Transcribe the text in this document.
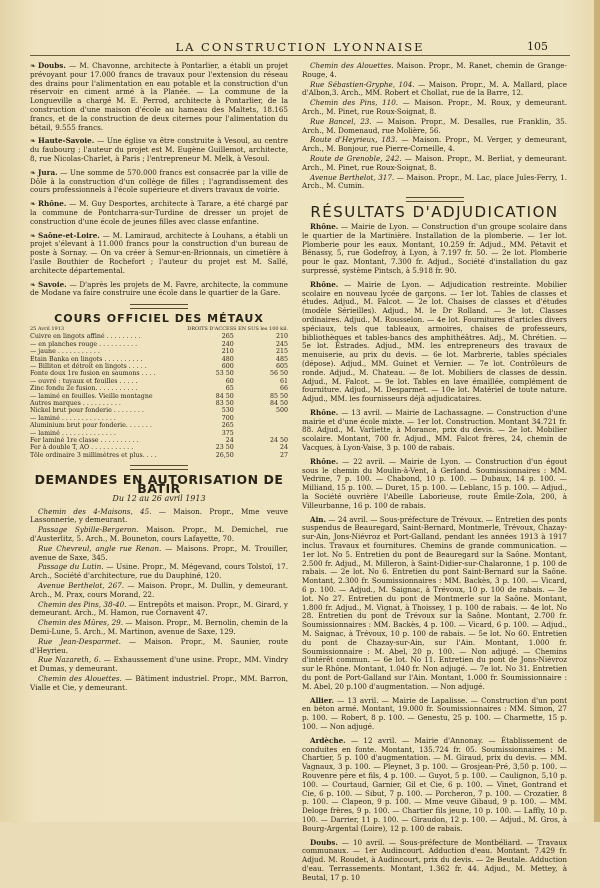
LA CONSTRUCTION LYONNAISE	105

❧ Doubs. — M. Chavonne, architecte à Pontarlier, a établi un projet prévoyant pour 17.000 francs de travaux pour l'extension du réseau des drains pour l'alimentation en eau potable et la construction d'un réservoir en ciment armé à la Planée. — La commune de la Longueville a chargé M. E. Perrod, architecte à Pontarlier, de la construction d'une maison d'école au hameau des Maltets, 18.165 francs, et de la construction de deux citernes pour l'alimentation du bétail, 9.555 francs.

❧ Haute-Savoie. — Une église va être construite à Vesoul, au centre du faubourg ; l'auteur du projet est M. Eugène Guillemot, architecte, 8, rue Nicolas-Charlet, à Paris ; l'entrepreneur M. Melk, à Vesoul.

❧ Jura. — Une somme de 570.000 francs est consacrée par la ville de Dôle à la construction d'un collège de filles ; l'agrandissement des cours professionnels à l'école supérieure et divers travaux de voirie.

❧ Rhône. — M. Guy Desportes, architecte à Tarare, a été chargé par la commune de Pontcharra-sur-Turdine de dresser un projet de construction d'une école de jeunes filles avec classe enfantine.

❧ Saône-et-Loire. — M. Lamiraud, architecte à Louhans, a établi un projet s'élevant à 11.000 francs pour la construction d'un bureau de poste à Sornay. — On va créer à Semur-en-Brionnais, un cimetière à l'asile Bouthier de Rochefort ; l'auteur du projet est M. Sallé, architecte départemental.

❧ Savoie. — D'après les projets de M. Favre, architecte, la commune de Modane va faire construire une école dans le quartier de la Gare.

COURS OFFICIEL DES MÉTAUX
25 Avril 1913	DROITS D'ACCESS EN SUS les 100 kil.		
Cuivre en lingots affiné . . . . . . . . .	265		210
— en planches rouge . . . . . . . . . .	240		245
— jaune . . . . . . . . . . .	210		215
Etain Banka en lingots . . . . . . . . . .	480		485
— Billiton et détroit en lingots . . . . .	600		605
Fonte doux 1re fusion en saumons . . . .	53 50		56 50
— ouvré : tuyaux et feuilles . . . . .	60		61
Zinc fondu 2e fusion. . . . . . . . . . .	65		66
— laminé en feuilles. Vieille montagne	84 50		85 50
Autres marques . . . . . . . . . .	83 50		84 50
Nickel brut pour fonderie . . . . . . . .	530		500
— laminé . . . . . . . . . . . . . .	700		
Aluminium brut pour fonderie. . . . . . .	265		
— laminé . . . . . . . . . . . . . .	375		
Fer laminé 1re classe . . . . . . . . . .	24		24 50
Fer à double T, AO . . . . . . . . . . .	23 50		24
Tôle ordinaire 3 millimètres et plus. . . .	26,50		27
DEMANDES EN AUTORISATION DE BATIR
Du 12 au 26 avril 1913

Chemin des 4-Maisons, 45. — Maison. Propr., Mme veuve Lassonnerie, y demeurant.

Passage Sybille-Bergeron. Maison. Propr., M. Demichel, rue d'Austerlitz, 5. Arch., M. Bouneton, cours Lafayette, 70.

Rue Chevreul, angle rue Renan. — Maisons. Propr., M. Trouiller, avenue de Saxe, 345.

Passage du Lutin. — Usine. Propr., M. Mégevand, cours Tolstoï, 17. Arch., Société d'architecture, rue du Dauphiné, 120.

Avenue Berthelot, 267. — Maison. Propr., M. Dullin, y demeurant. Arch., M. Prax, cours Morand, 22.

Chemin des Pins, 38-40. — Entrepôts et maison. Propr., M. Girard, y demeurant. Arch., M. Hamon, rue Cornavent 47.

Chemin des Mûres, 29. — Maison. Propr., M. Bernolin, chemin de la Demi-Lune, 5. Arch., M. Martinon, avenue de Saxe, 129.

Rue Jean-Desparmet. — Maison. Propr., M. Saunier, route d'Heyrieu.

Rue Nazareth, 6. — Exhaussement d'une usine. Propr., MM. Vindry et Dumas, y demeurant.

Chemin des Alouettes. — Bâtiment industriel. Propr., MM. Barron, Vialle et Cie, y demeurant.

Chemin des Alouettes. Maison. Propr., M. Ranet, chemin de Grange-Rouge, 4.

Rue Sébastien-Gryphe, 104. — Maison. Propr., M. A. Mallard, place d'Albon,3. Arch., MM. Robert et Chollat, rue de la Barre, 12.

Chemin des Pins, 110. — Maison. Propr., M. Roux, y demeurant. Arch., M. Pinet, rue Roux-Soignat, 8.

Rue Bancel, 23. — Maison. Propr., M. Desalles, rue Franklin, 35. Arch., M. Domenaud, rue Molière, 56.

Route d'Heyrieux, 183. — Maison. Propr., M. Verger, y demeurant, Arch., M. Bonjour, rue Pierre-Corneille, 4.

Route de Grenoble, 242. — Maison. Propr., M. Berliat, y demeurant. Arch., M. Pinet, rue Roux-Soignat, 8.

Avenue Berthelot, 317. — Maison. Propr., M. Lac, place Jules-Ferry, 1. Arch., M. Cumin.

RÉSULTATS D'ADJUDICATION

Rhône. — Mairie de Lyon. — Construction d'un groupe scolaire dans le quartier de la Martinière. Installation de la plomberie. — 1er lot. Plomberie pour les eaux. Montant, 10.259 fr. Adjud., MM. Pétavit et Bénassy, 5, rue Godefroy, à Lyon, à 7.197 fr. 50. — 2e lot. Plomberie pour le gaz. Montant, 7.300 fr. Adjud., Société d'installation du gaz surpressé, système Pintsch, à 5.918 fr. 90.

Rhône. — Mairie de Lyon. — Adjudication restreinte. Mobilier scolaire en nouveau lycée de garçons. — 1er lot. Tables de classes et études. Adjud., M. Falcot. — 2e lot. Chaises de classes et d'études (modèle Sérieilles). Adjud., M. le Dr Rolland. — 3e lot. Classes ordinaires. Adjud., M. Rousselon. — 4e lot. Fournitures d'articles divers spéciaux, tels que tableaux, armoires, chaises de professeurs, bibliothèques et tables-bancs des amphithéâtres. Adj., M. Chrétien. — 5e lot. Estrades. Adjud., MM. les entrepreneurs des travaux de menuiserie, au prix du devis. — 6e lot. Marbrerie, tables spéciales (dépose). Adjud., MM. Guinet et Vernier. — 7e lot. Contrôleurs de ronde. Adjud., M. Chateau. — 8e lot. Mobiliers de classes de dessin. Adjud., M. Falcot. — 9e lot. Tables en lave émaillée, complément de fourniture. Adjud., M. Desparmet. — 10e lot. Matériel de toute nature. Adjud., MM. les fournisseurs déjà adjudicataires.

Rhône. — 13 avril. — Mairie de Lachassagne. — Construction d'une mairie et d'une école mixte. — 1er lot. Construction. Montant 34.721 fr. 88. Adjud., M. Varliette, à Morance, prix du devis. — 2e lot. Mobilier scolaire. Montant, 700 fr. Adjud., MM. Falcot frères, 24, chemin de Vacques, à Lyon-Vaise, 3 p. 100 de rabais.

Rhône. — 22 avril. — Mairie de Lyon. — Construction d'un égout sous le chemin du Moulin-à-Vent, à Gerland. Soumissionnaires : MM. Vedrine, 7 p. 100. — Chabond, 10 p. 100. — Dubaux, 14 p. 100. — Milliand, 15 p. 100. — Duret, 15 p. 100. — Leblanc, 15 p. 100. — Adjud., la Société ouvrière l'Abeille Laborieuse, route Émile-Zola, 200, à Villeurbanne, 16 p. 100 de rabais.

Ain. — 24 avril. — Sous-préfecture de Trévoux. — Entretien des ponts suspendus de Beauregard, Saint-Bernard, Montmerle, Trévoux, Chazay-sur-Ain, Jons-Niévroz et Port-Galland, pendant les années 1913 à 1917 inclus. Travaux et fournitures. Chemins de grande communication. — 1er lot. No 5. Entretien du pont de Beauregard sur la Saône. Montant, 2.500 fr. Adjud., M. Milleron, à Saint-Didier-sur-Chalaronne, 1 p. 100 de rabais. — 2e lot. No 6. Entretien du pont Saint-Bernard sur la Saône. Montant, 2.300 fr. Soumissionnaires : MM. Backès, 3 p. 100. — Vicard, 6 p. 100. — Adjud., M. Saignac, à Trévoux, 10 p. 100 de rabais. — 3e lot. No 27. Entretien du pont de Montmerle sur la Saône. Montant, 1.800 fr. Adjud., M. Vignat, à Thoissey, 1 p. 100 de rabais. — 4e lot. No 28. Entretien du pont de Trévoux sur la Saône. Montant, 2.700 fr. Soumissionnaires : MM. Backès, 4 p. 100. — Vicard, 6 p. 100. — Adjud., M. Saignac, à Trévoux, 10 p. 100 de rabais. — 5e lot. No 60. Entretien du pont de Chazay-sur-Ain, sur l'Ain. Montant, 1.000 fr. Soumissionnaire : M. Abel, 20 p. 100. — Non adjugé. — Chemins d'intérêt commun. — 6e lot. No 11. Entretien du pont de Jons-Niévroz sur le Rhône. Montant, 1.040 fr. Non adjugé. — 7e lot. No 31. Entretien du pont de Port-Galland sur l'Ain. Montant, 1.000 fr. Soumissionnaire : M. Abel, 20 p.100 d'augmentation. — Non adjugé.

Allier. — 13 avril. — Mairie de Lapalisse. — Construction d'un pont en béton armé. Montant, 19.000 fr. Soumissionnaires : MM. Simon, 27 p. 100. — Robert, 8 p. 100. — Genestu, 25 p. 100. — Charmette, 15 p. 100. — Non adjugé.

Ardèche. — 12 avril. — Mairie d'Annonay. — Établissement de conduites en fonte. Montant, 135.724 fr. 05. Soumissionnaires : M. Chartier, 5 p. 100 d'augmentation. — M. Giraud, prix du devis. — MM. Vagnaux, 3 p. 100. — Pleynet, 3 p. 100. — Grosjean-Pré, 3,50 p. 100. — Rouvenre père et fils, 4 p. 100. — Guyot, 5 p. 100. — Caulignon, 5,10 p. 100. — Courtaud, Garnier, Gil et Cie, 6 p. 100. — Vinet, Gontrand et Cie, 6 p. 100. — Sibut, 7 p. 100. — Porcheron, 7 p. 100. — Crozatier, 8 p. 100. — Clapeon, 9 p. 100. — Mme veuve Gibaud, 9 p. 100. — MM. Deloge frères, 9 p. 100. — Chartier fils jeune, 10 p. 100. — Laffly, 10 p. 100. — Darrier, 11 p. 100. — Giraudon, 12 p. 100. — Adjud., M. Gros, à Bourg-Argental (Loire), 12 p. 100 de rabais.

Doubs. — 10 avril. — Sous-préfecture de Montbéliard. — Travaux communaux. — 1er Audincourt. Adduction d'eau. Montant. 7.429 fr. Adjud. M. Roudet, à Audincourt, prix du devis. — 2e Beutale. Adduction d'eau. Terrassements. Montant, 1.362 fr. 44. Adjud., M. Mettey, à Beutal, 17 p. 10
